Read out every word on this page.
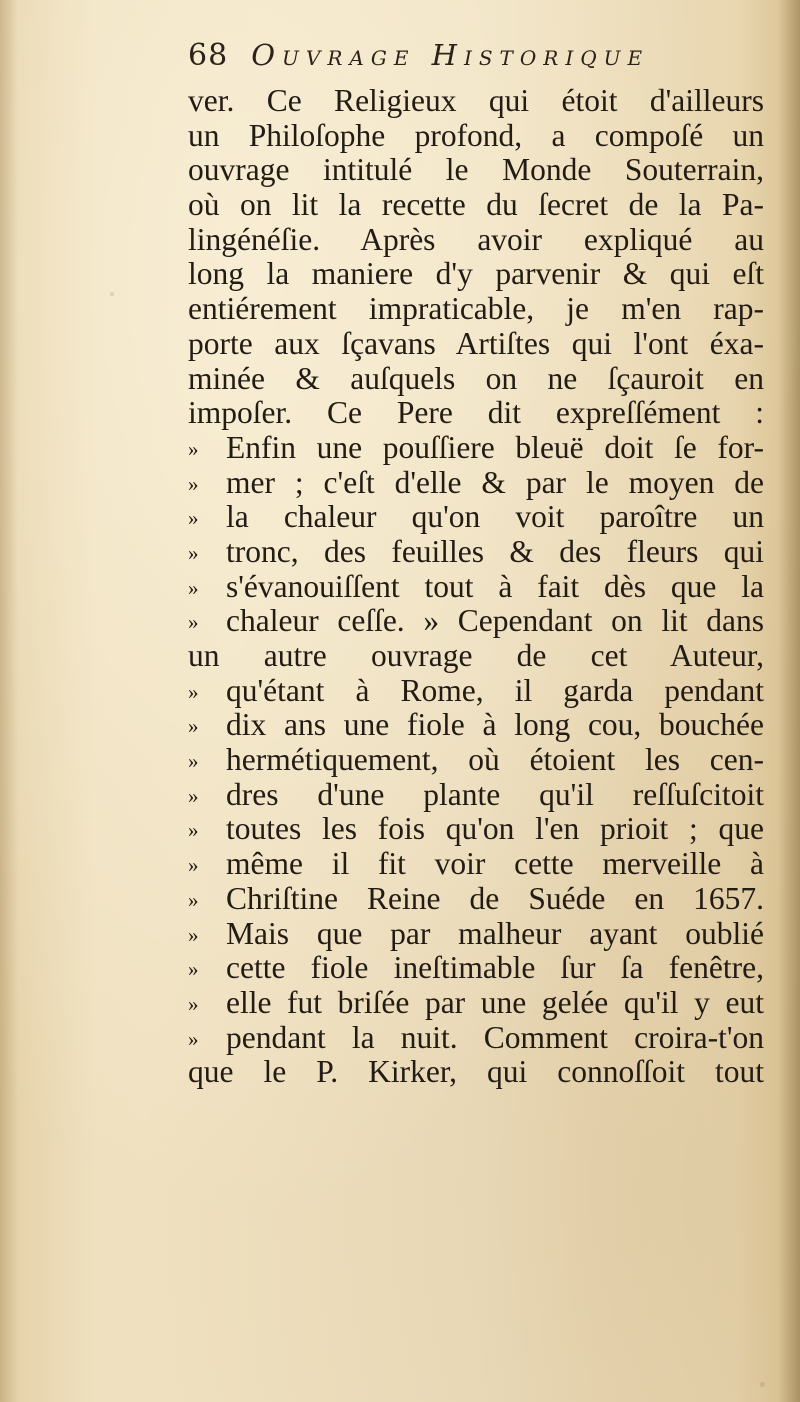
68 Ouvrage Historique
ver. Ce Religieux qui étoit d'ailleurs
un Philoſophe profond, a compoſé un
ouvrage intitulé le Monde Souterrain,
où on lit la recette du ſecret de la Pa-
lingénéſie. Après avoir expliqué au
long la maniere d'y parvenir & qui eſt
entiérement impraticable, je m'en rap-
porte aux ſçavans Artiſtes qui l'ont éxa-
minée & auſquels on ne ſçauroit en
impoſer. Ce Pere dit expreſſément :
» Enfin une pouſſiere bleuë doit ſe for-
» mer ; c'eſt d'elle & par le moyen de
» la chaleur qu'on voit paroître un
» tronc, des feuilles & des fleurs qui
» s'évanouiſſent tout à fait dès que la
» chaleur ceſſe. » Cependant on lit dans
un autre ouvrage de cet Auteur,
» qu'étant à Rome, il garda pendant
» dix ans une fiole à long cou, bouchée
» hermétiquement, où étoient les cen-
» dres d'une plante qu'il reſſuſcitoit
» toutes les fois qu'on l'en prioit ; que
» même il fit voir cette merveille à
» Chriſtine Reine de Suéde en 1657.
» Mais que par malheur ayant oublié
» cette fiole ineſtimable ſur ſa fenêtre,
» elle fut briſée par une gelée qu'il y eut
» pendant la nuit. Comment croira-t'on
que le P. Kirker, qui connoſſoit tout
